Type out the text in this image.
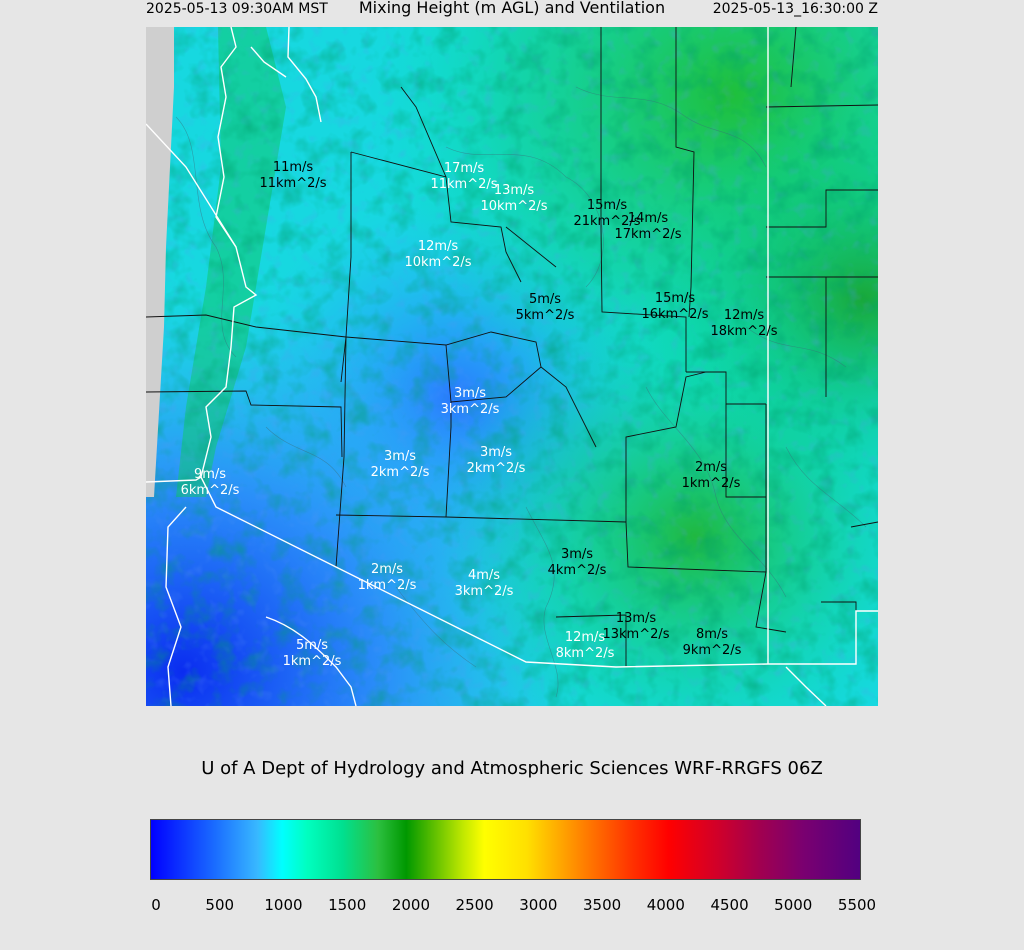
2025-05-13 09:30AM MST	Mixing Height (m AGL) and Ventilation	2025-05-13_16:30:00 Z
11m/s
11km^2/s
17m/s
11km^2/s
13m/s
10km^2/s	15m/s
21km^2/s
14m/s
17km^2/s
12m/s
10km^2/s
5m/s
5km^2/s
15m/s
16km^2/s 12m/s
18km^2/s
3m/s
3km^2/s
3m/s
2km^2/s
3m/s
2km^2/s
9m/s
6km^2/s
2m/s
1km^2/s
3m/s
4km^2/s
2m/s
1km^2/s
4m/s
3km^2/s
13m/s
13km^2/s
12m/s
8km^2/s
8m/s
9km^2/s
5m/s
1km^2/s
U of A Dept of Hydrology and Atmospheric Sciences WRF-RRGFS 06Z
0	500 1000 1500 2000 2500 3000 3500 4000 4500 5000 5500
